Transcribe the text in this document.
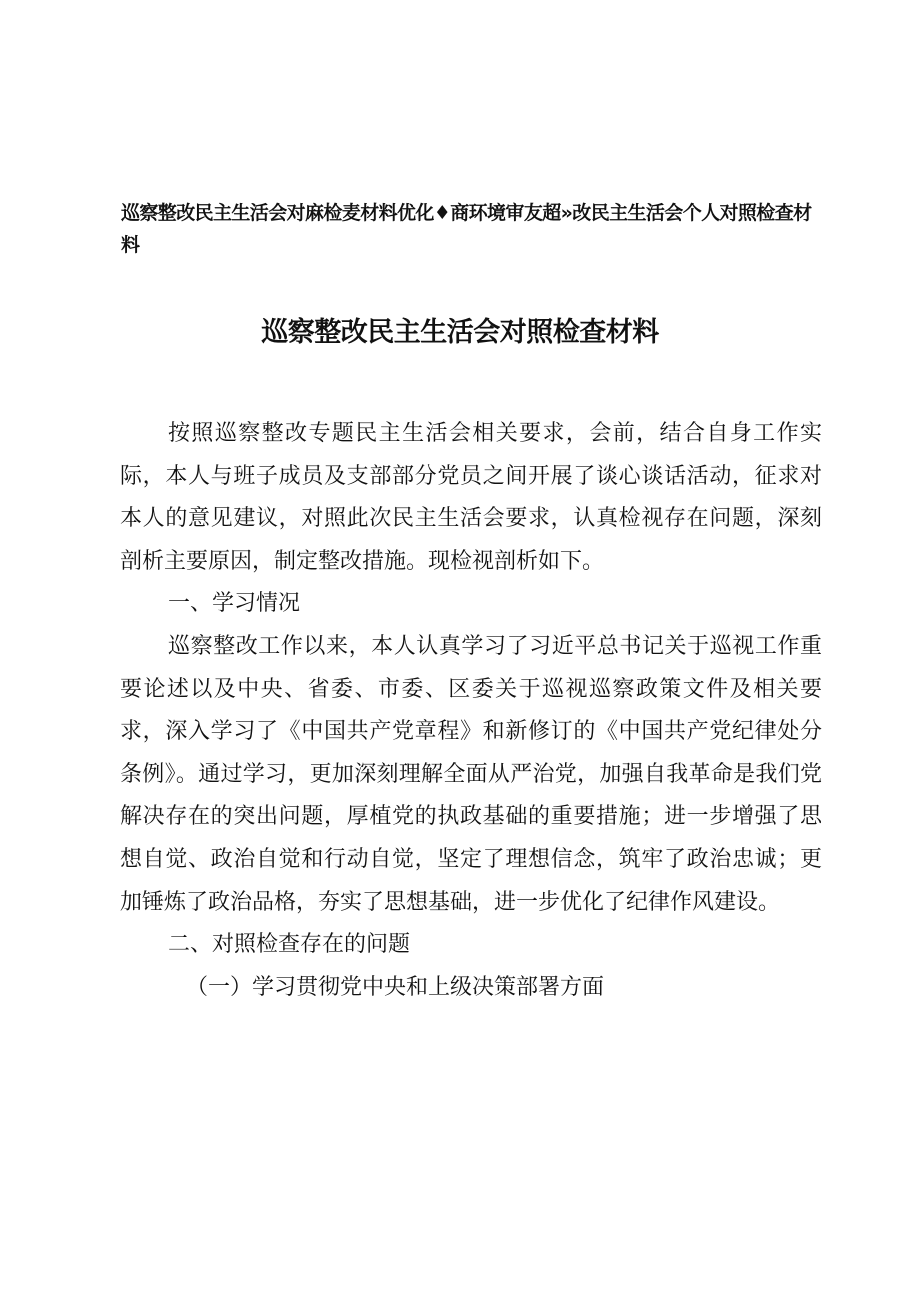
巡察整改民主生活会对麻检麦材料优化♦商环境审友超»改民主生活会个人对照检查材料
巡察整改民主生活会对照检查材料

按照巡察整改专题民主生活会相关要求，会前，结合自身工作实际，本人与班子成员及支部部分党员之间开展了谈心谈话活动，征求对本人的意见建议，对照此次民主生活会要求，认真检视存在问题，深刻剖析主要原因，制定整改措施。现检视剖析如下。

一、学习情况

巡察整改工作以来，本人认真学习了习近平总书记关于巡视工作重要论述以及中央、省委、市委、区委关于巡视巡察政策文件及相关要求，深入学习了《中国共产党章程》和新修订的《中国共产党纪律处分条例》。通过学习，更加深刻理解全面从严治党，加强自我革命是我们党解决存在的突出问题，厚植党的执政基础的重要措施；进一步增强了思想自觉、政治自觉和行动自觉，坚定了理想信念，筑牢了政治忠诚；更加锤炼了政治品格，夯实了思想基础，进一步优化了纪律作风建设。

二、对照检查存在的问题

（一）学习贯彻党中央和上级决策部署方面
